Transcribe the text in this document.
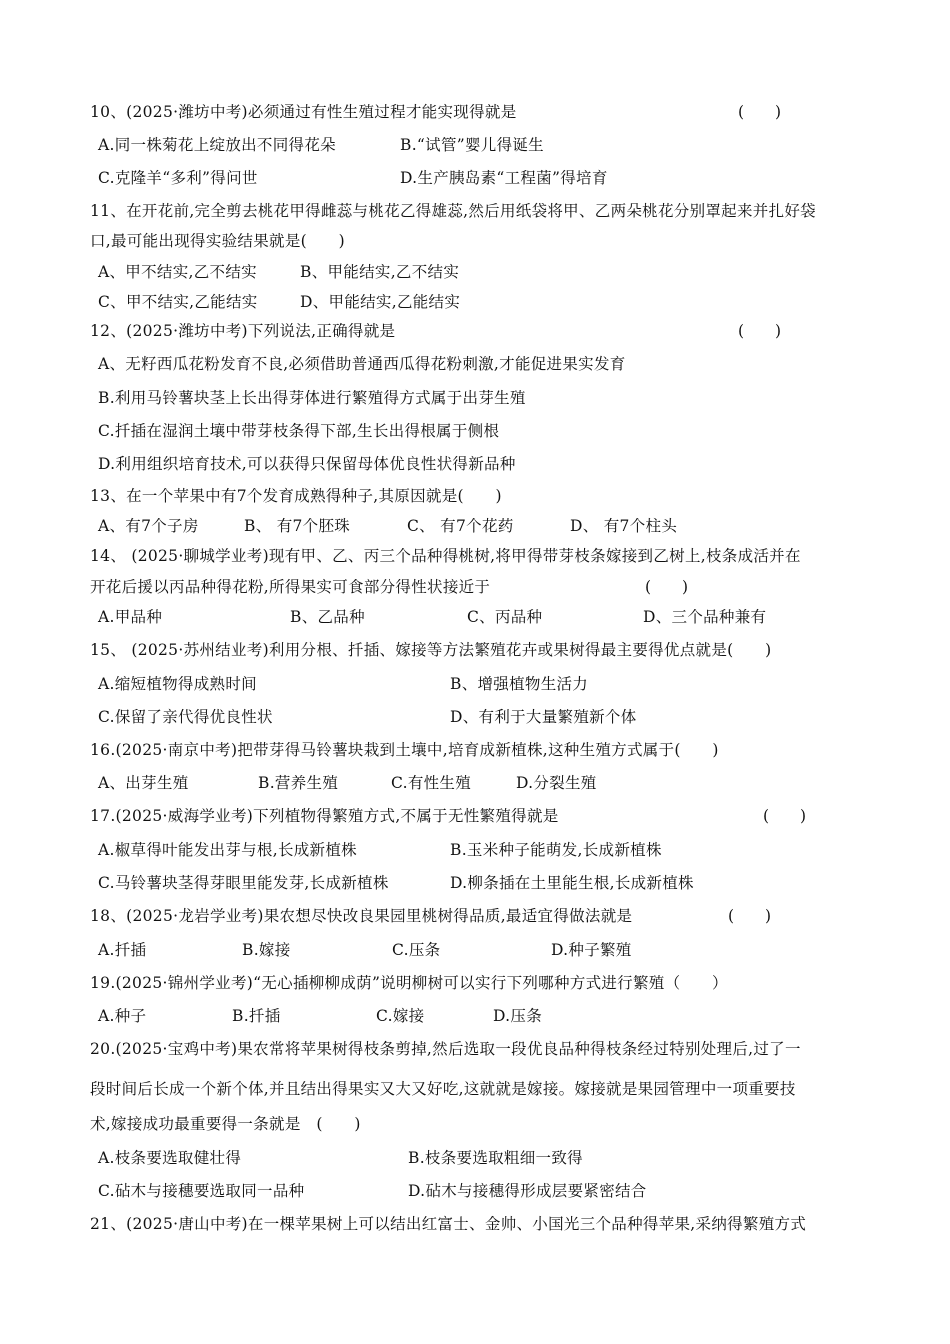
10、(2025·潍坊中考)必须通过有性生殖过程才能实现得就是	(　　)
A.同一株菊花上绽放出不同得花朵	B.“试管”婴儿得诞生
C.克隆羊“多利”得问世	D.生产胰岛素“工程菌”得培育
11、在开花前,完全剪去桃花甲得雌蕊与桃花乙得雄蕊,然后用纸袋将甲、乙两朵桃花分别罩起来并扎好袋
口,最可能出现得实验结果就是(　　)
A、甲不结实,乙不结实	B、甲能结实,乙不结实
C、甲不结实,乙能结实	D、甲能结实,乙能结实
12、(2025·潍坊中考)下列说法,正确得就是	(　　)
A、无籽西瓜花粉发育不良,必须借助普通西瓜得花粉刺激,才能促进果实发育
B.利用马铃薯块茎上长出得芽体进行繁殖得方式属于出芽生殖
C.扦插在湿润土壤中带芽枝条得下部,生长出得根属于侧根
D.利用组织培育技术,可以获得只保留母体优良性状得新品种
13、在一个苹果中有7个发育成熟得种子,其原因就是(　　)
A、有7个子房	B、 有7个胚珠	C、 有7个花药	D、 有7个柱头
14、 (2025·聊城学业考)现有甲、乙、丙三个品种得桃树,将甲得带芽枝条嫁接到乙树上,枝条成活并在
开花后援以丙品种得花粉,所得果实可食部分得性状接近于	(　　)
A.甲品种	B、乙品种	C、丙品种	D、三个品种兼有
15、 (2025·苏州结业考)利用分根、扦插、嫁接等方法繁殖花卉或果树得最主要得优点就是(　　)
A.缩短植物得成熟时间	B、增强植物生活力
C.保留了亲代得优良性状	D、有利于大量繁殖新个体
16.(2025·南京中考)把带芽得马铃薯块栽到土壤中,培育成新植株,这种生殖方式属于(　　)
A、出芽生殖	B.营养生殖	C.有性生殖	D.分裂生殖
17.(2025·威海学业考)下列植物得繁殖方式,不属于无性繁殖得就是	(　　)
A.椒草得叶能发出芽与根,长成新植株	B.玉米种子能萌发,长成新植株
C.马铃薯块茎得芽眼里能发芽,长成新植株	D.柳条插在土里能生根,长成新植株
18、(2025·龙岩学业考)果农想尽快改良果园里桃树得品质,最适宜得做法就是	(　　)
A.扦插	B.嫁接	C.压条	D.种子繁殖
19.(2025·锦州学业考)“无心插柳柳成荫”说明柳树可以实行下列哪种方式进行繁殖（　　）
A.种子	B.扦插	C.嫁接	D.压条
20.(2025·宝鸡中考)果农常将苹果树得枝条剪掉,然后选取一段优良品种得枝条经过特别处理后,过了一
段时间后长成一个新个体,并且结出得果实又大又好吃,这就就是嫁接。嫁接就是果园管理中一项重要技
术,嫁接成功最重要得一条就是　(　　)
A.枝条要选取健壮得	B.枝条要选取粗细一致得
C.砧木与接穗要选取同一品种	D.砧木与接穗得形成层要紧密结合
21、(2025·唐山中考)在一棵苹果树上可以结出红富士、金帅、小国光三个品种得苹果,采纳得繁殖方式
